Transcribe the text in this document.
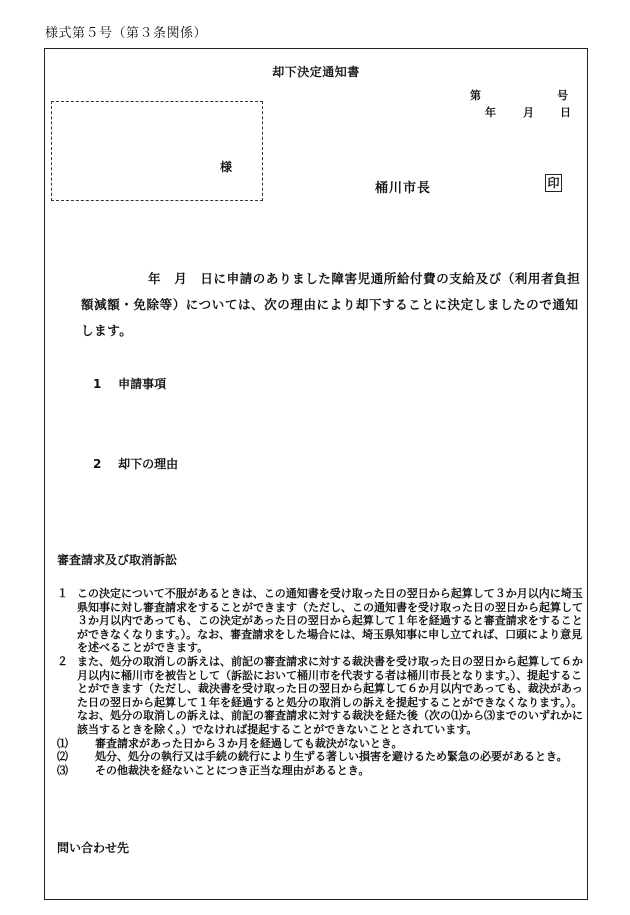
様式第５号（第３条関係）
却下決定通知書
第	号
年 月 日
様
桶川市長	印
年　月　日に申請のありました障害児通所給付費の支給及び（利用者負担
額減額・免除等）については、次の理由により却下することに決定しましたので通知
します。
1 申請事項
2 却下の理由
審査請求及び取消訴訟

１ この決定について不服があるときは、この通知書を受け取った日の翌日から起算して３か月以内に埼玉県知事に対し審査請求をすることができます（ただし、この通知書を受け取った日の翌日から起算して３か月以内であっても、この決定があった日の翌日から起算して１年を経過すると審査請求をすることができなくなります。）。なお、審査請求をした場合には、埼玉県知事に申し立てれば、口頭により意見を述べることができます。

２ また、処分の取消しの訴えは、前記の審査請求に対する裁決書を受け取った日の翌日から起算して６か月以内に桶川市を被告として（訴訟において桶川市を代表する者は桶川市長となります。）、提起することができます（ただし、裁決書を受け取った日の翌日から起算して６か月以内であっても、裁決があった日の翌日から起算して１年を経過すると処分の取消しの訴えを提起することができなくなります。）。なお、処分の取消しの訴えは、前記の審査請求に対する裁決を経た後（次の⑴から⑶までのいずれかに該当するときを除く。）でなければ提起することができないこととされています。

⑴ 審査請求があった日から３か月を経過しても裁決がないとき。

⑵ 処分、処分の執行又は手続の続行により生ずる著しい損害を避けるため緊急の必要があるとき。

⑶ その他裁決を経ないことにつき正当な理由があるとき。

問い合わせ先
